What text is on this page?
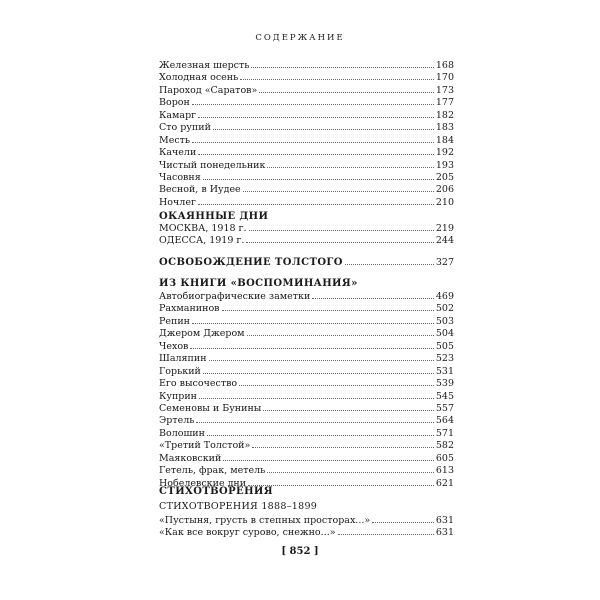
СОДЕРЖАНИЕ
Железная шерсть	168
Холодная осень	170
Пароход «Саратов»	173
Ворон	177
Камарг	182
Сто рупий	183
Месть	184
Качели	192
Чистый понедельник	193
Часовня	205
Весной, в Иудее	206
Ночлег	210
ОКАЯННЫЕ ДНИ
МОСКВА, 1918 г.	219
ОДЕССА, 1919 г.	244
ОСВОБОЖДЕНИЕ ТОЛСТОГО	327
ИЗ КНИГИ «ВОСПОМИНАНИЯ»
Автобиографические заметки	469
Рахманинов	502
Репин	503
Джером Джером	504
Чехов	505
Шаляпин	523
Горький	531
Его высочество	539
Куприн	545
Семеновы и Бунины	557
Эртель	564
Волошин	571
«Третий Толстой»	582
Маяковский	605
Гетель, фрак, метель	613
Нобелевские дни	621
СТИХОТВОРЕНИЯ
СТИХОТВОРЕНИЯ 1888–1899
«Пустыня, грусть в степных просторах...»	631
«Как все вокруг сурово, снежно...»	631
[ 852 ]
